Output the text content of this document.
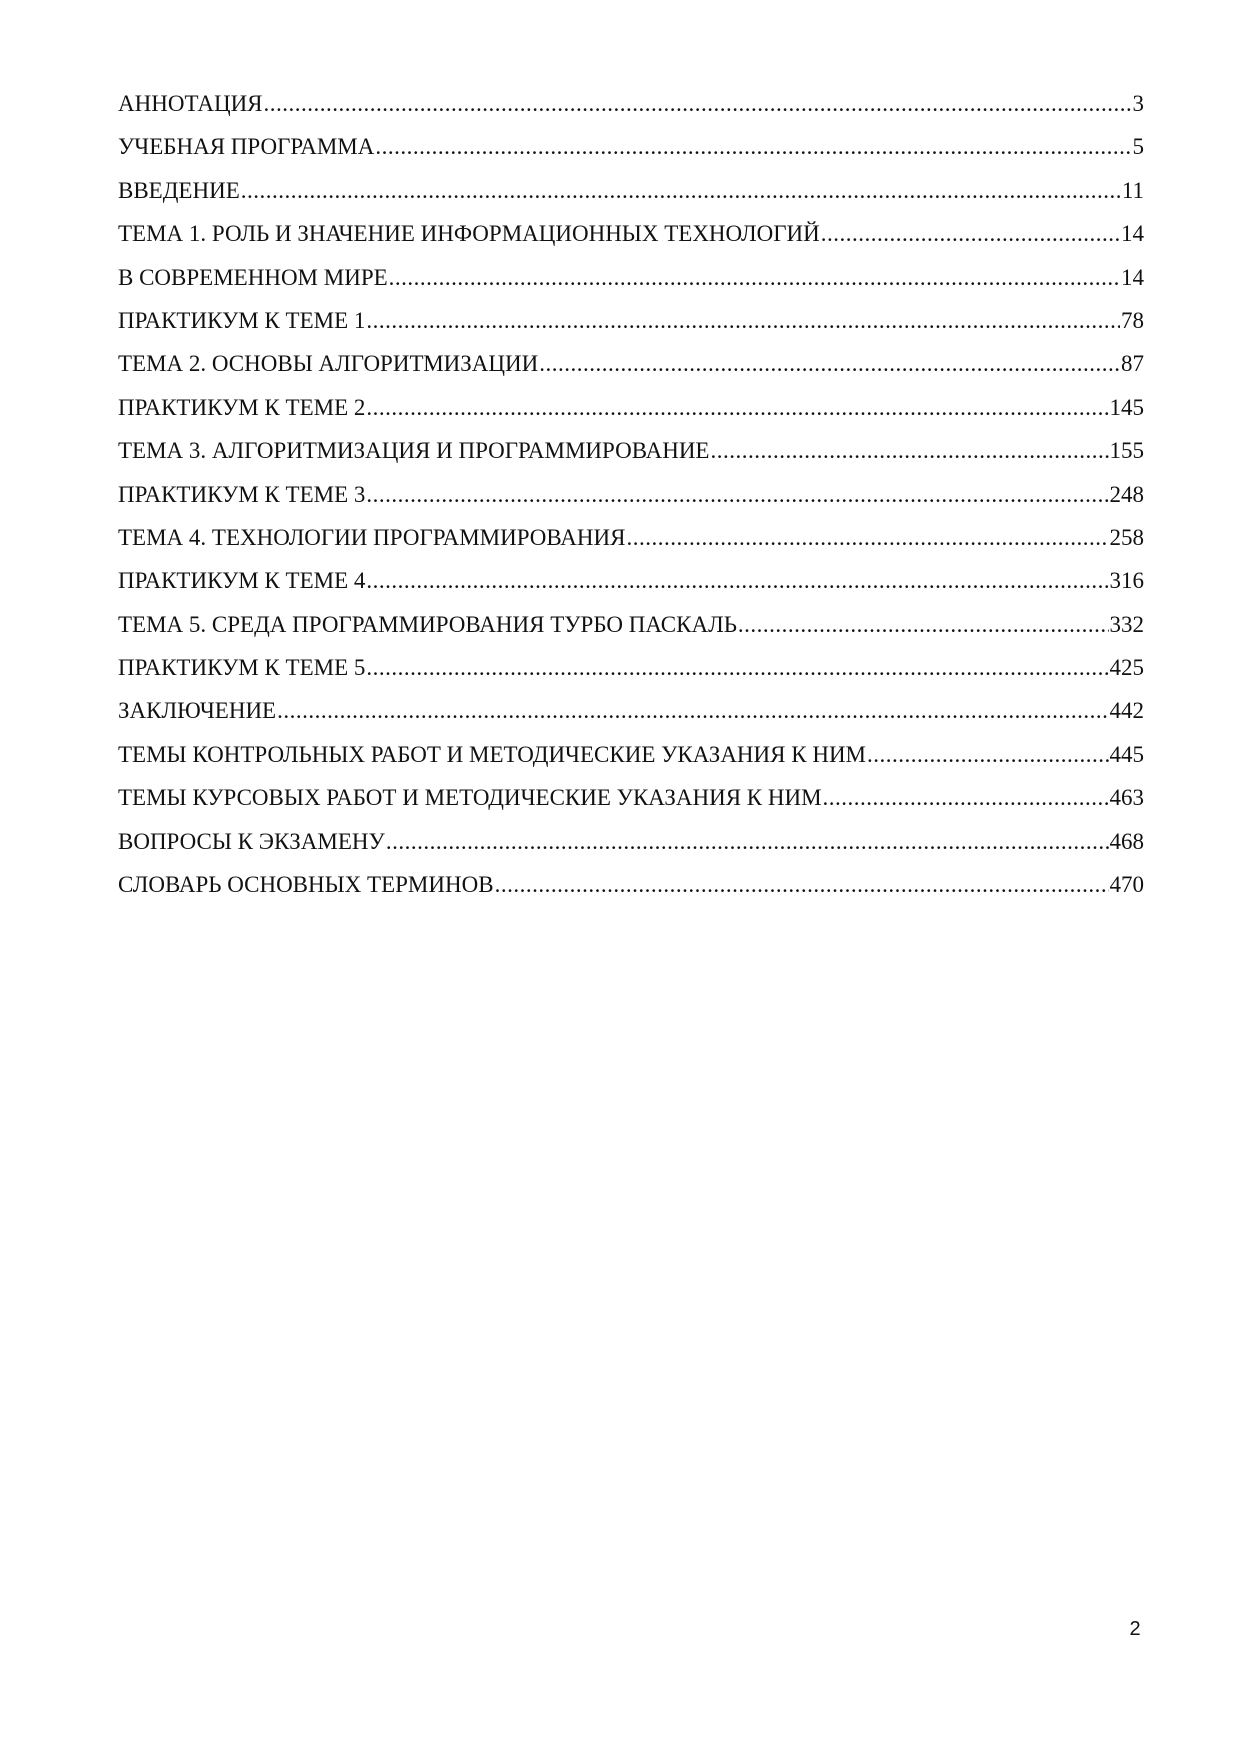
АННОТАЦИЯ .....	3
УЧЕБНАЯ ПРОГРАММА .....	5
ВВЕДЕНИЕ .....	11
ТЕМА 1. РОЛЬ И ЗНАЧЕНИЕ ИНФОРМАЦИОННЫХ ТЕХНОЛОГИЙ .....	14
В СОВРЕМЕННОМ МИРЕ .....	14
ПРАКТИКУМ К ТЕМЕ 1 .....	78
ТЕМА 2. ОСНОВЫ АЛГОРИТМИЗАЦИИ .....	87
ПРАКТИКУМ К ТЕМЕ 2 .....	145
ТЕМА 3. АЛГОРИТМИЗАЦИЯ И ПРОГРАММИРОВАНИЕ .....	155
ПРАКТИКУМ К ТЕМЕ 3 .....	248
ТЕМА 4. ТЕХНОЛОГИИ ПРОГРАММИРОВАНИЯ .....	258
ПРАКТИКУМ К ТЕМЕ 4 .....	316
ТЕМА 5. СРЕДА ПРОГРАММИРОВАНИЯ ТУРБО ПАСКАЛЬ .....	332
ПРАКТИКУМ К ТЕМЕ 5 .....	425
ЗАКЛЮЧЕНИЕ .....	442
ТЕМЫ КОНТРОЛЬНЫХ РАБОТ И МЕТОДИЧЕСКИЕ УКАЗАНИЯ К НИМ .....	445
ТЕМЫ КУРСОВЫХ РАБОТ И МЕТОДИЧЕСКИЕ УКАЗАНИЯ К НИМ .....	463
ВОПРОСЫ К ЭКЗАМЕНУ .....	468
СЛОВАРЬ ОСНОВНЫХ ТЕРМИНОВ .....	470
2
